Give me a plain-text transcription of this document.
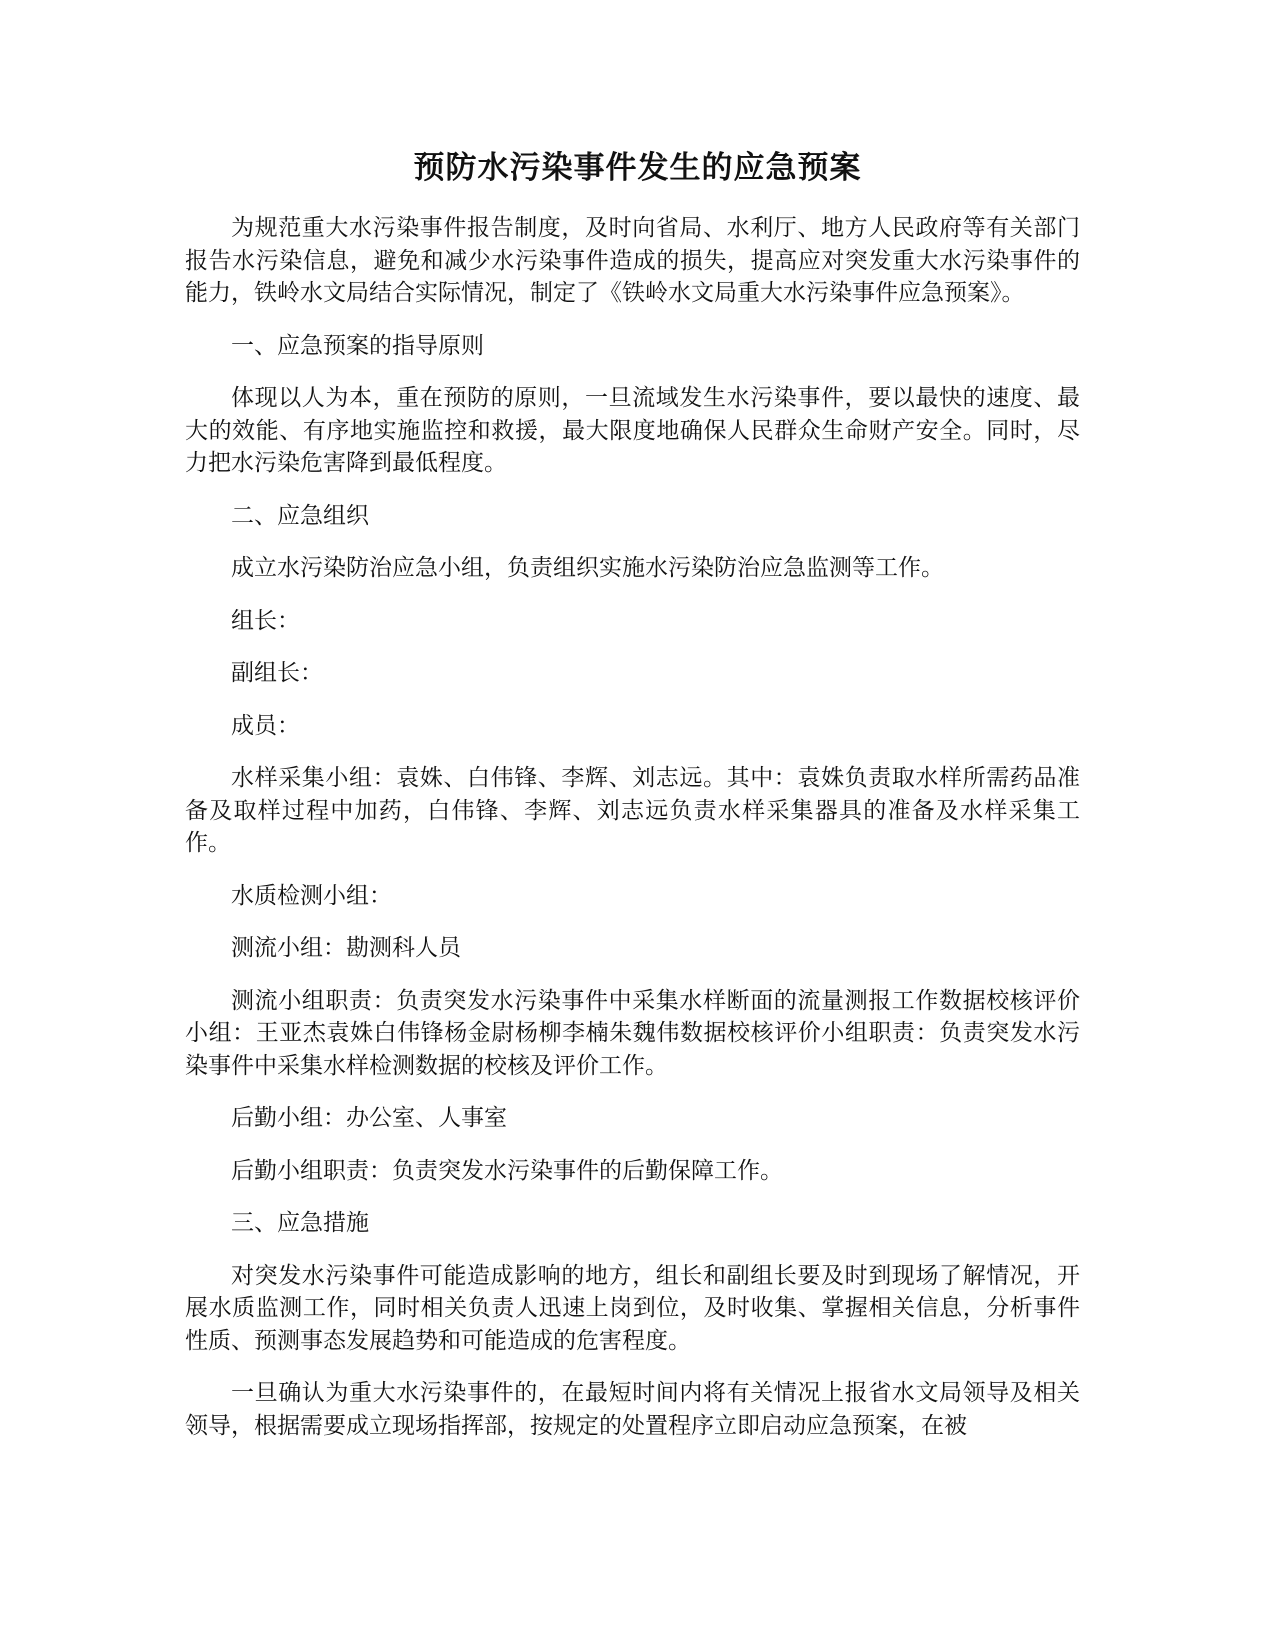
预防水污染事件发生的应急预案

为规范重大水污染事件报告制度，及时向省局、水利厅、地方人民政府等有关部门报告水污染信息，避免和减少水污染事件造成的损失，提高应对突发重大水污染事件的能力，铁岭水文局结合实际情况，制定了《铁岭水文局重大水污染事件应急预案》。

一、应急预案的指导原则

体现以人为本，重在预防的原则，一旦流域发生水污染事件，要以最快的速度、最大的效能、有序地实施监控和救援，最大限度地确保人民群众生命财产安全。同时，尽力把水污染危害降到最低程度。

二、应急组织

成立水污染防治应急小组，负责组织实施水污染防治应急监测等工作。

组长：

副组长：

成员：

水样采集小组：袁姝、白伟锋、李辉、刘志远。其中：袁姝负责取水样所需药品准备及取样过程中加药，白伟锋、李辉、刘志远负责水样采集器具的准备及水样采集工作。

水质检测小组：

测流小组：勘测科人员

测流小组职责：负责突发水污染事件中采集水样断面的流量测报工作数据校核评价小组：王亚杰袁姝白伟锋杨金尉杨柳李楠朱魏伟数据校核评价小组职责：负责突发水污染事件中采集水样检测数据的校核及评价工作。

后勤小组：办公室、人事室

后勤小组职责：负责突发水污染事件的后勤保障工作。

三、应急措施

对突发水污染事件可能造成影响的地方，组长和副组长要及时到现场了解情况，开展水质监测工作，同时相关负责人迅速上岗到位，及时收集、掌握相关信息，分析事件性质、预测事态发展趋势和可能造成的危害程度。

一旦确认为重大水污染事件的，在最短时间内将有关情况上报省水文局领导及相关领导，根据需要成立现场指挥部，按规定的处置程序立即启动应急预案，在被
